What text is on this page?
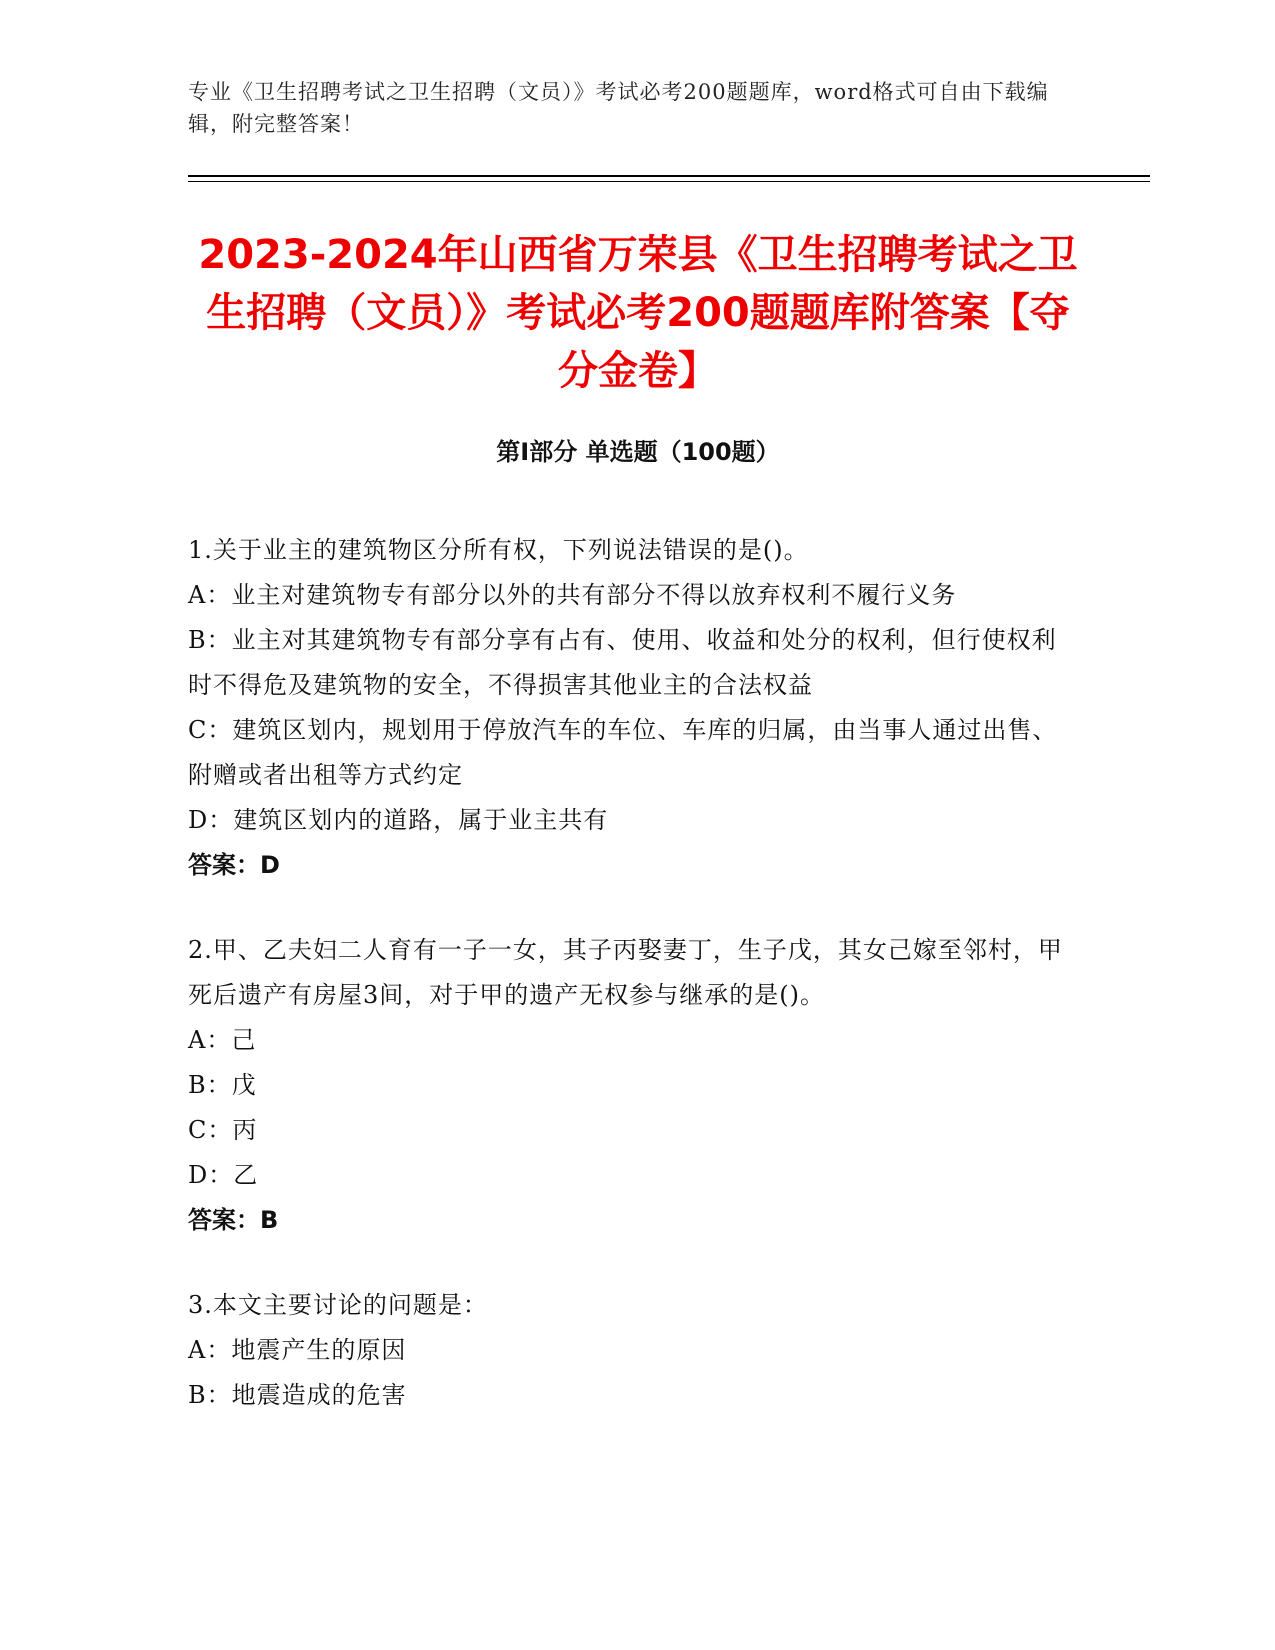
专业《卫生招聘考试之卫生招聘（文员）》考试必考200题题库，word格式可自由下载编辑，附完整答案！
2023-2024年山西省万荣县《卫生招聘考试之卫生招聘（文员）》考试必考200题题库附答案【夺分金卷】
第Ⅰ部分 单选题（100题）

1.关于业主的建筑物区分所有权，下列说法错误的是()。

A：业主对建筑物专有部分以外的共有部分不得以放弃权利不履行义务

B：业主对其建筑物专有部分享有占有、使用、收益和处分的权利，但行使权利时不得危及建筑物的安全，不得损害其他业主的合法权益

C：建筑区划内，规划用于停放汽车的车位、车库的归属，由当事人通过出售、附赠或者出租等方式约定

D：建筑区划内的道路，属于业主共有

答案：D

2.甲、乙夫妇二人育有一子一女，其子丙娶妻丁，生子戊，其女己嫁至邻村，甲死后遗产有房屋3间，对于甲的遗产无权参与继承的是()。

A：己

B：戊

C：丙

D：乙

答案：B

3.本文主要讨论的问题是：

A：地震产生的原因

B：地震造成的危害
